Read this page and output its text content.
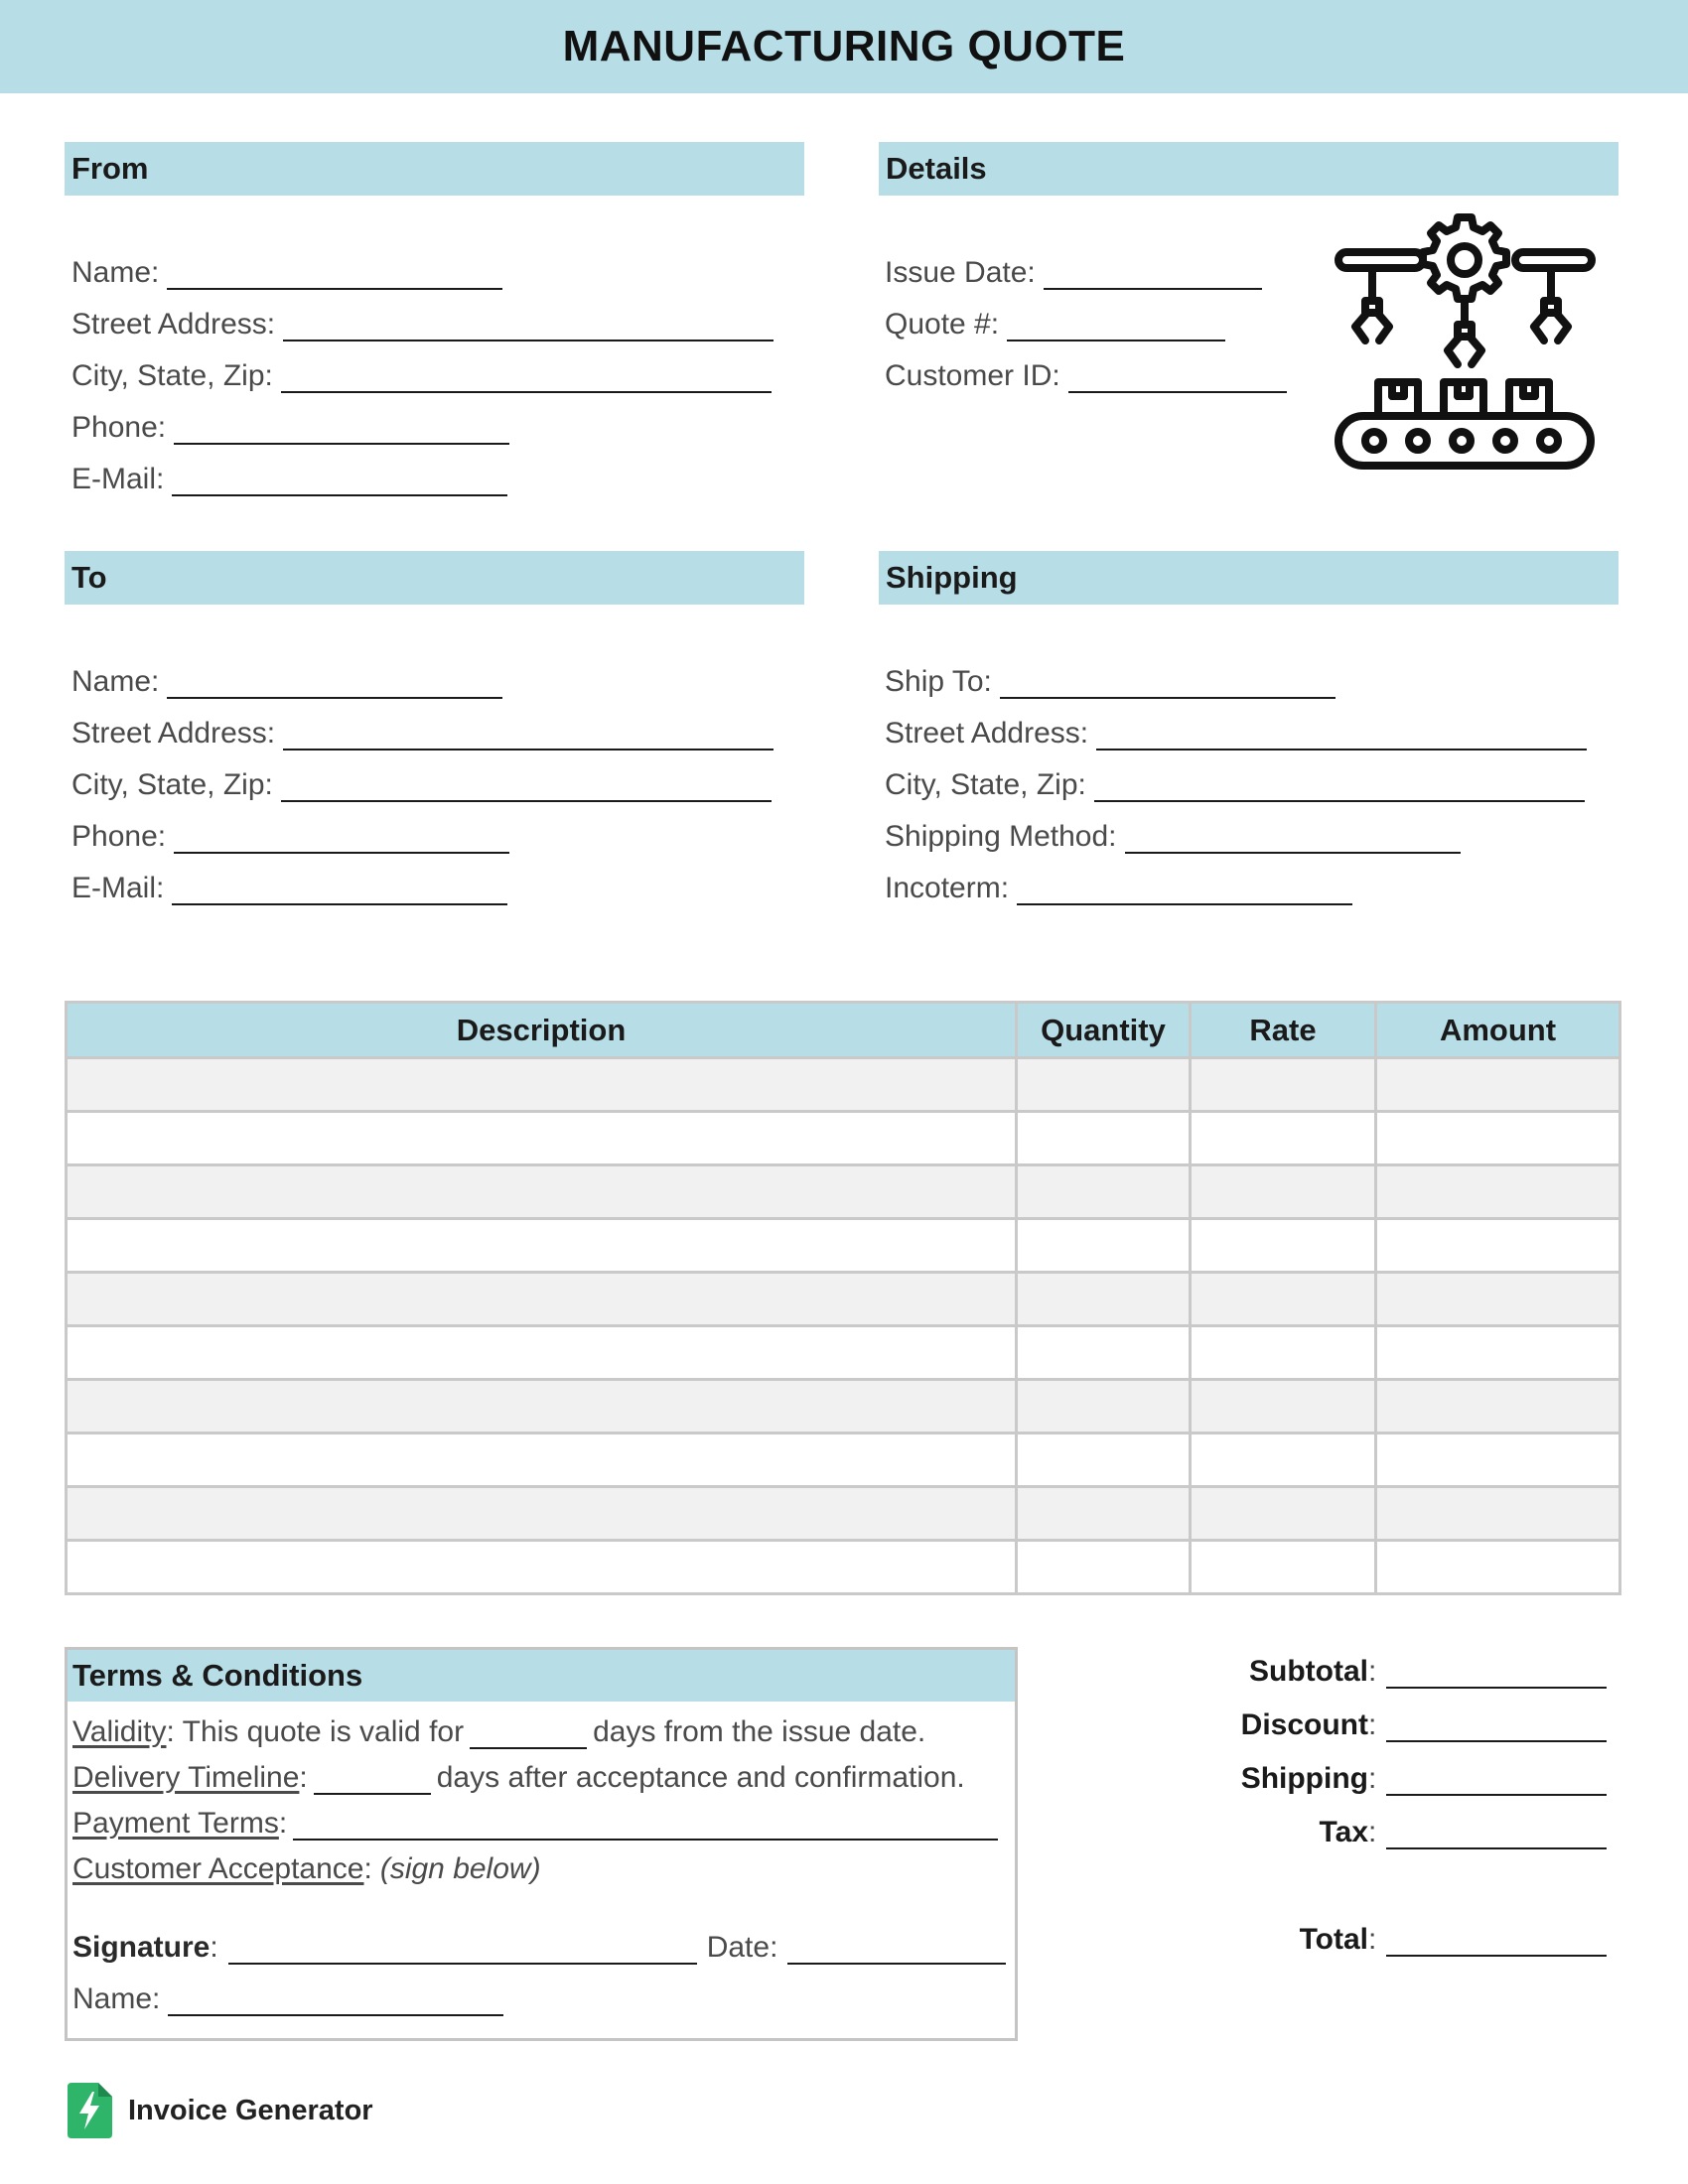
MANUFACTURING QUOTE
From
Name:
Street Address:
City, State, Zip:
Phone:
E-Mail:
Details
Issue Date:
Quote #:
Customer ID:
To
Name:
Street Address:
City, State, Zip:
Phone:
E-Mail:
Shipping
Ship To:
Street Address:
City, State, Zip:
Shipping Method:
Incoterm:
Description	Quantity	Rate	Amount

Terms & Conditions
Validity : This quote is valid for	days from the issue date.
Delivery Timeline :	days after acceptance and confirmation.
Payment Terms :
Customer Acceptance : (sign below)
Signature :	Date:
Name:
Subtotal :
Discount :
Shipping :
Tax :
Total :
Invoice Generator
